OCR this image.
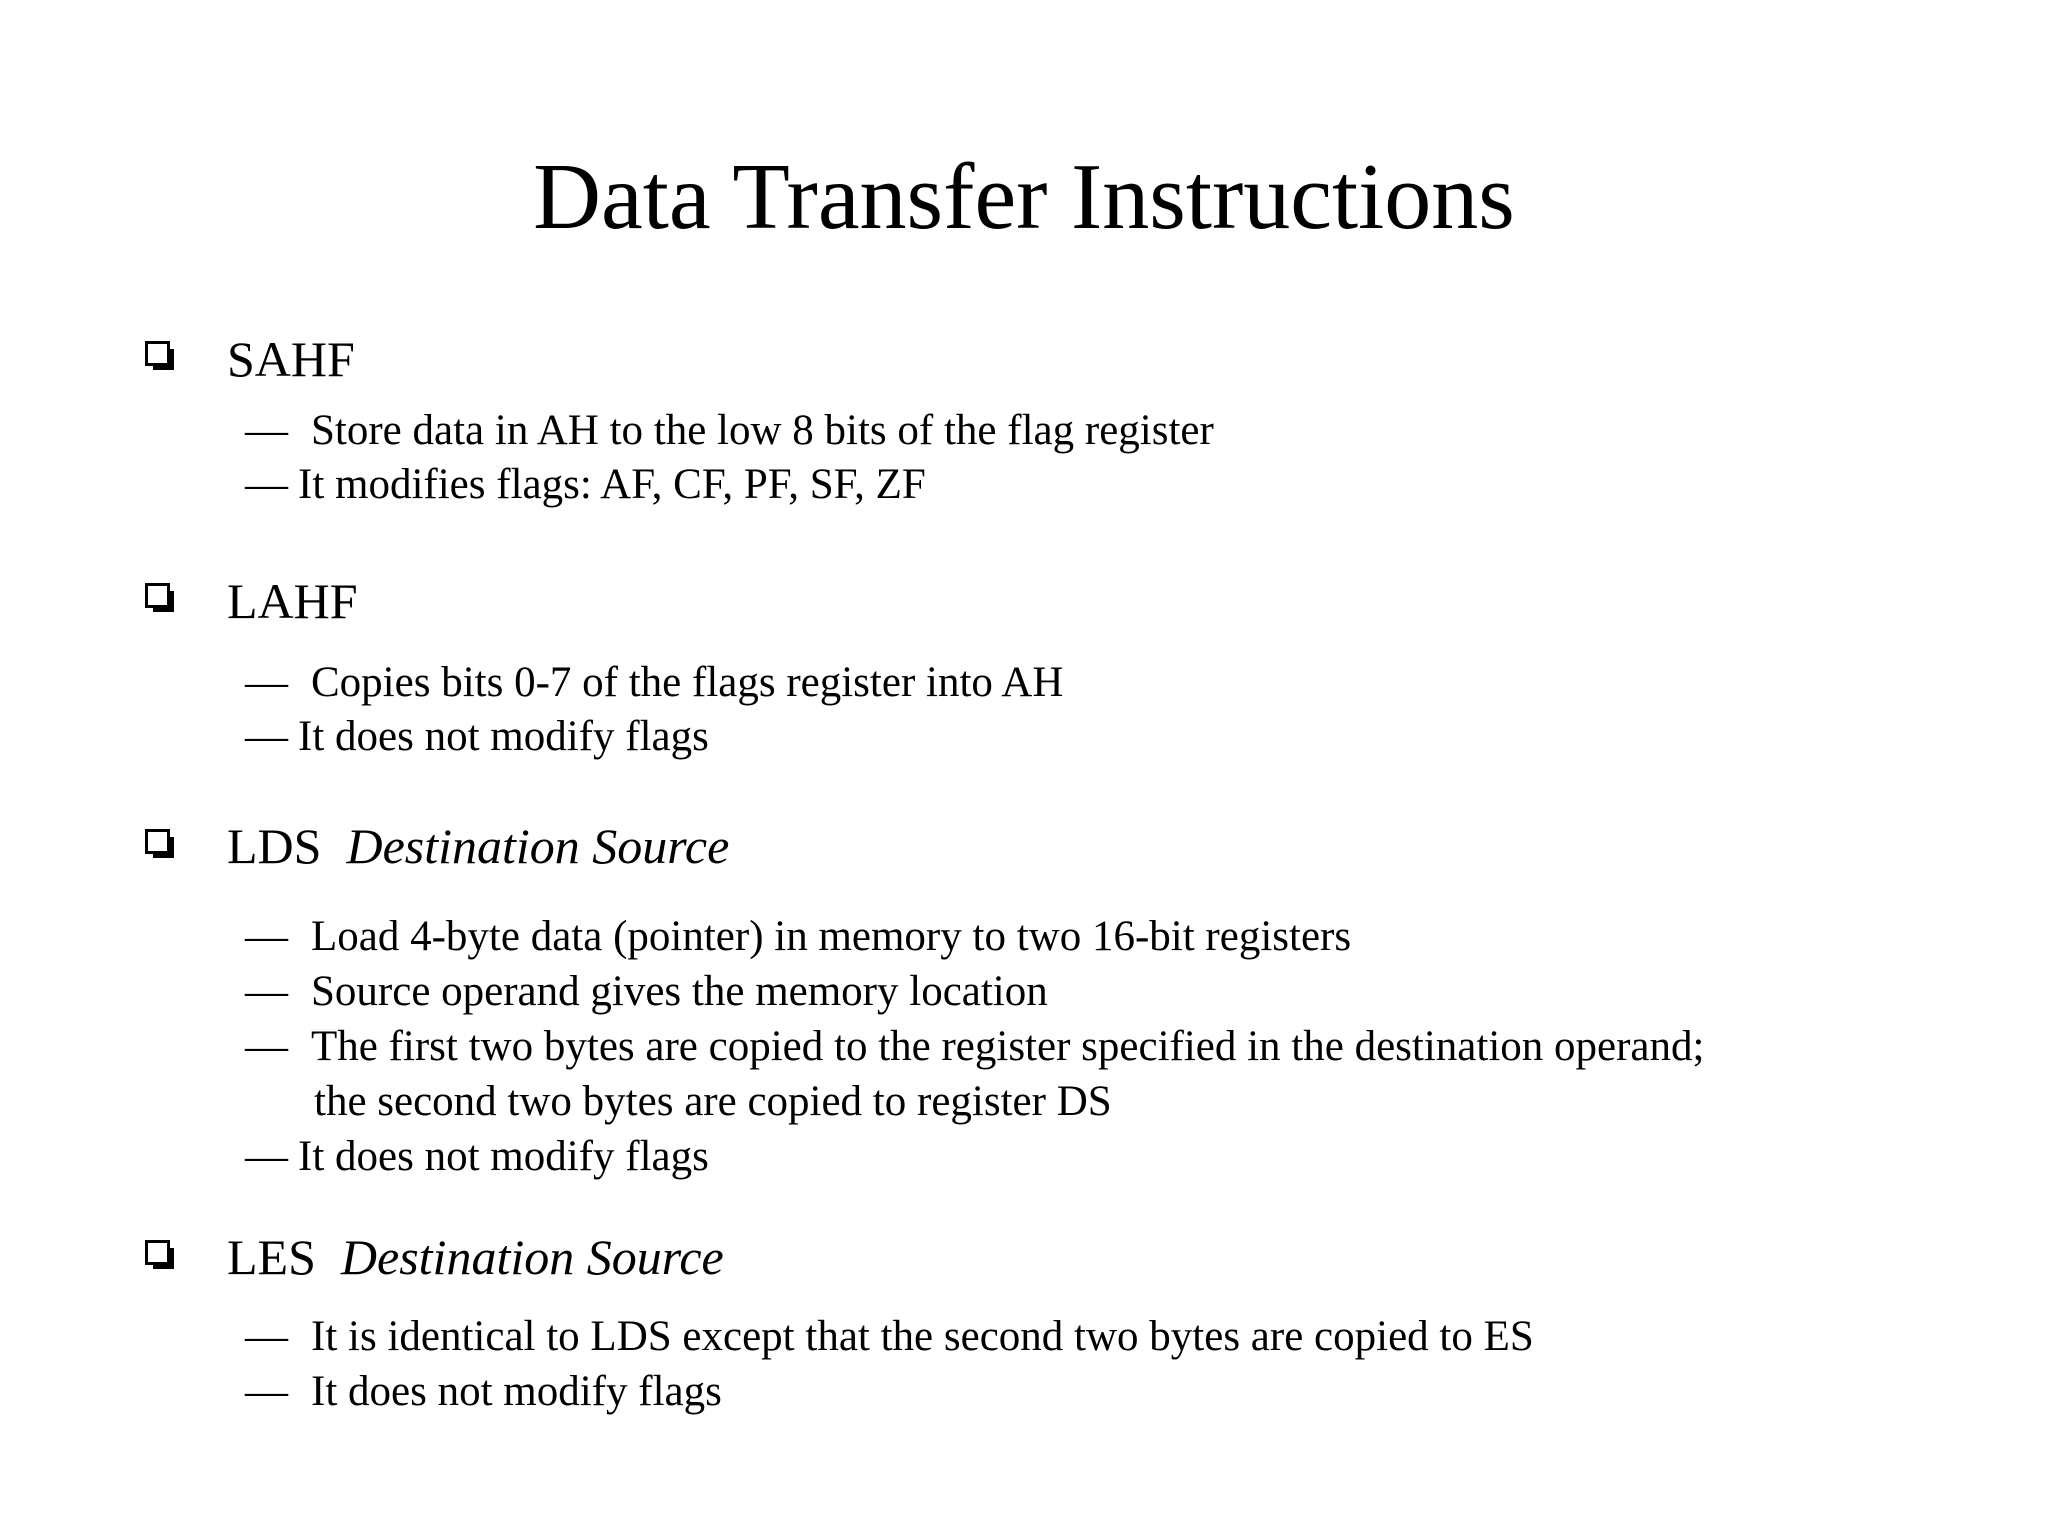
Data Transfer Instructions
SAHF
— Store data in AH to the low 8 bits of the flag register
— It modifies flags: AF, CF, PF, SF, ZF
LAHF
— Copies bits 0-7 of the flags register into AH
— It does not modify flags
LDS Destination Source
— Load 4-byte data (pointer) in memory to two 16-bit registers
— Source operand gives the memory location
— The first two bytes are copied to the register specified in the destination operand;
the second two bytes are copied to register DS
— It does not modify flags
LES Destination Source
— It is identical to LDS except that the second two bytes are copied to ES
— It does not modify flags
